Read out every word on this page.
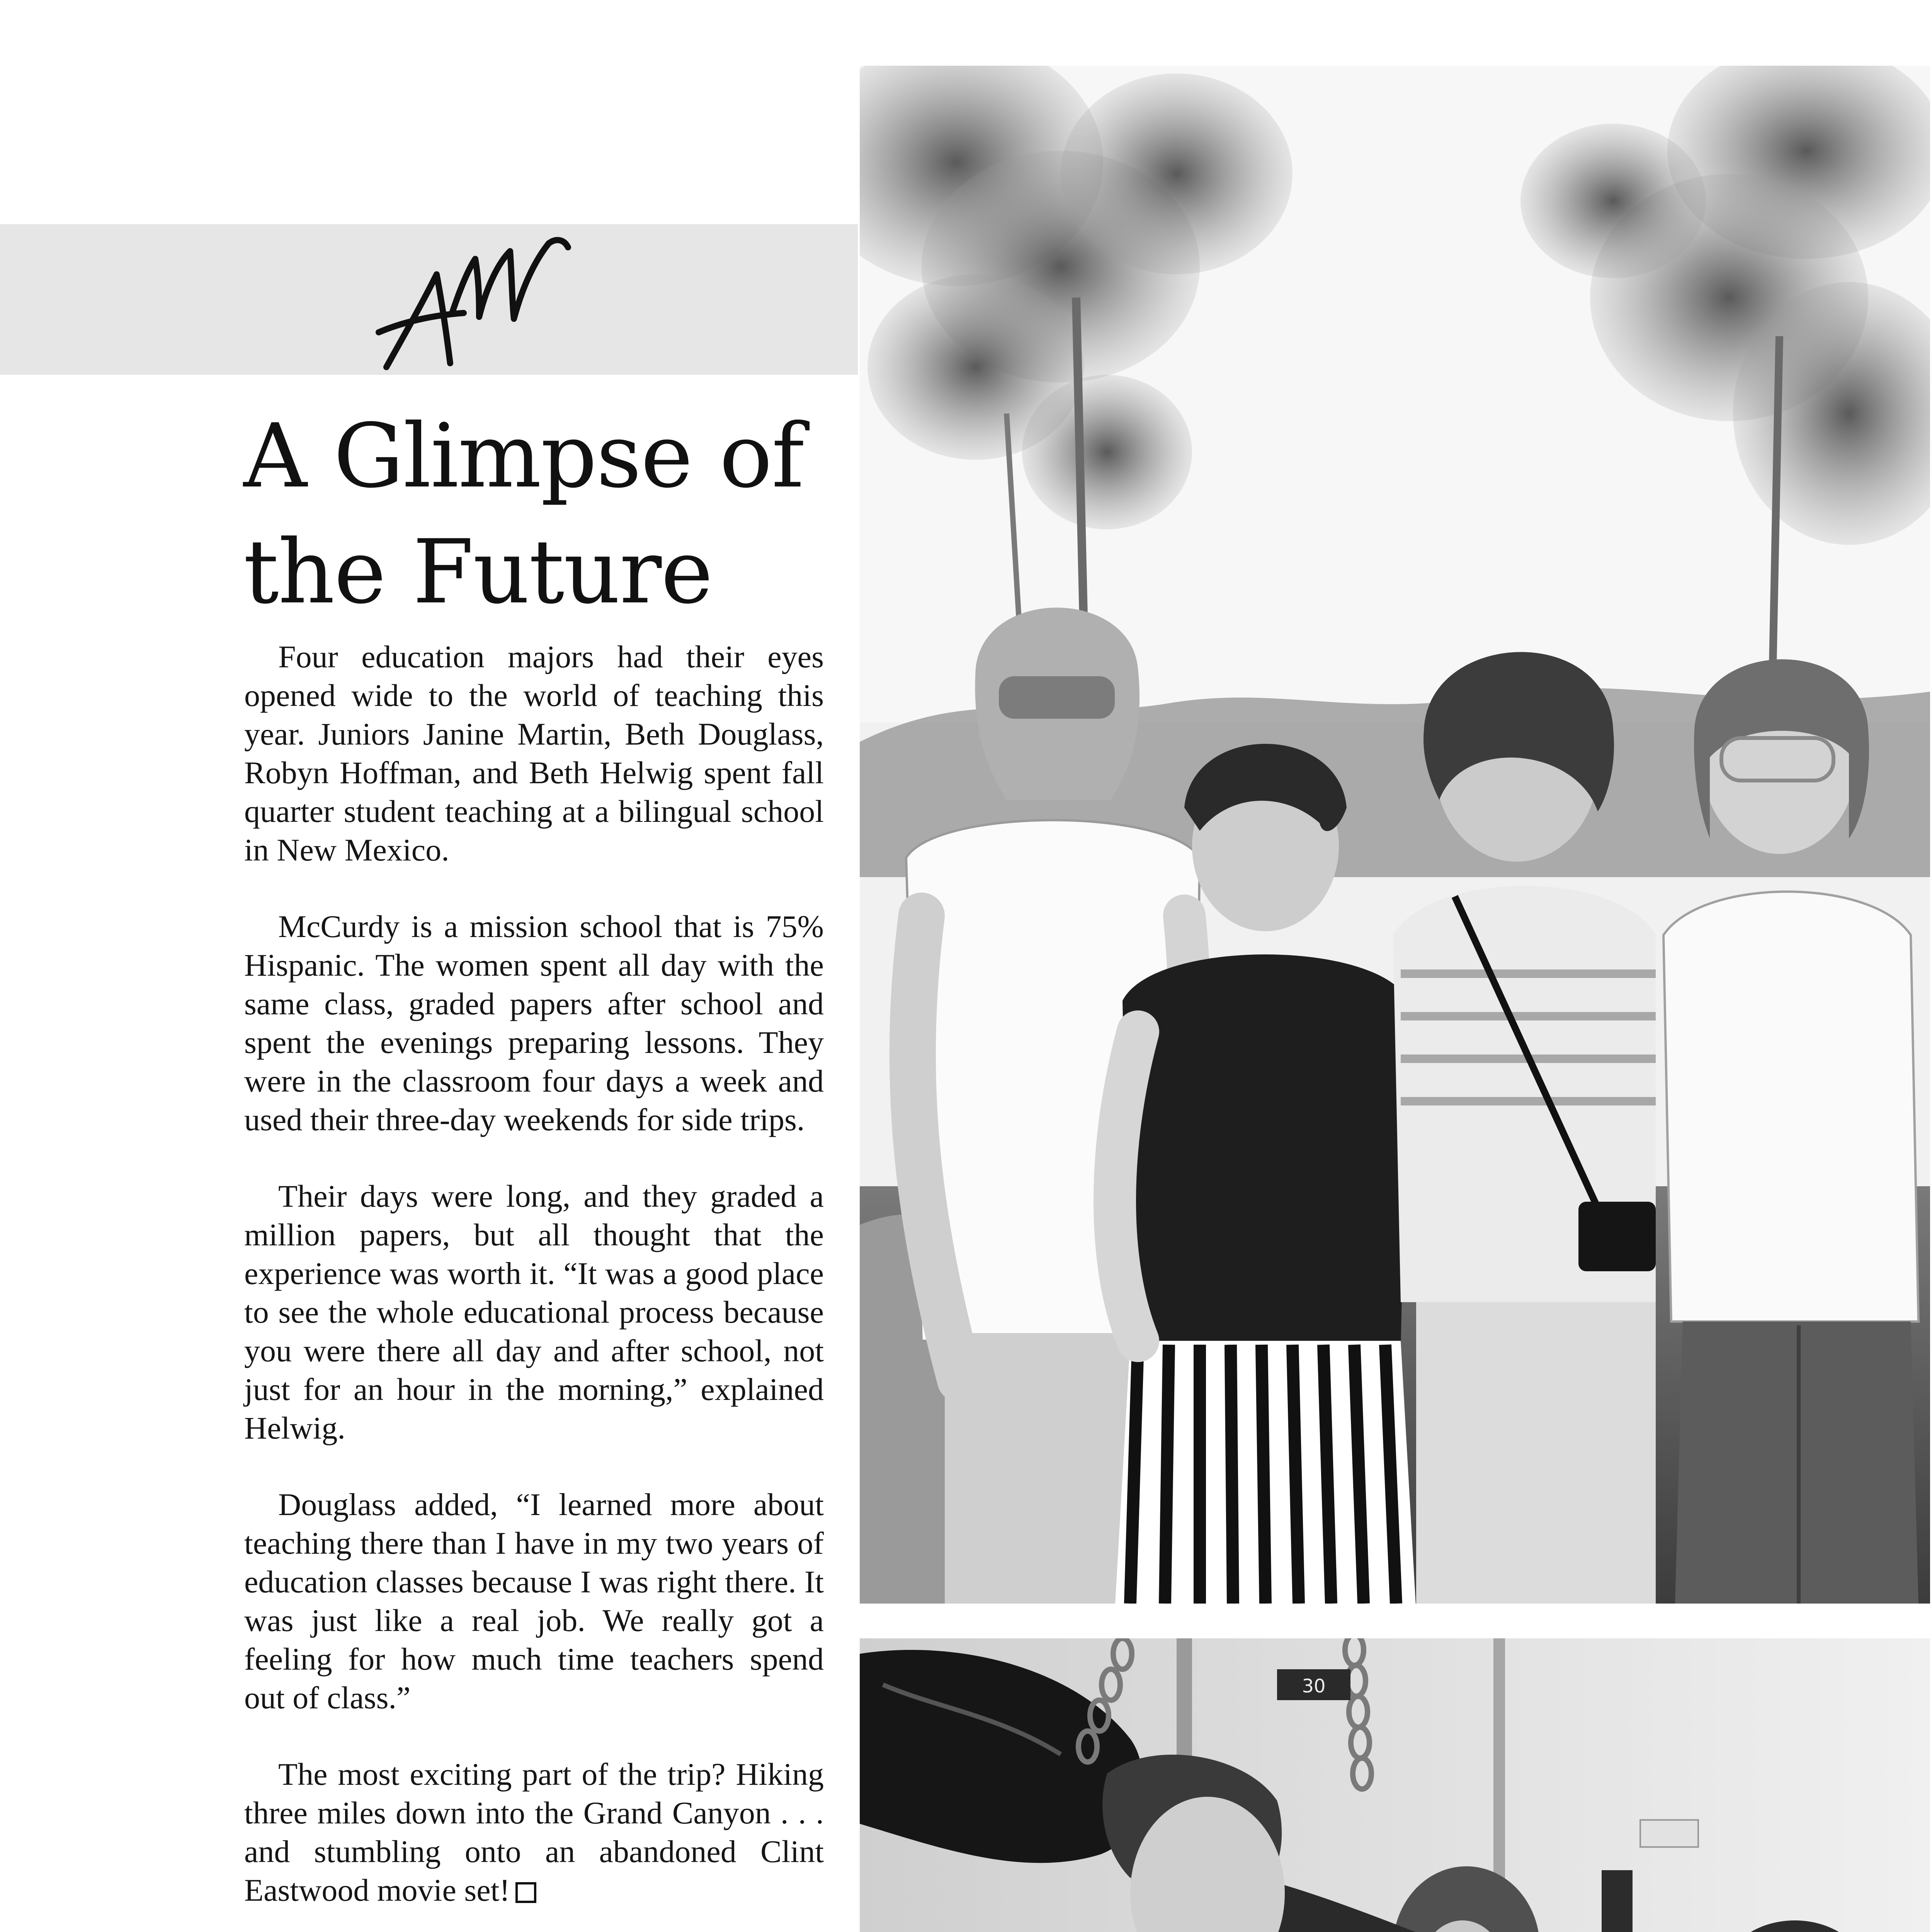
A Glimpse of
the Future

Four education majors had their eyes opened wide to the world of teaching this year. Juniors Janine Martin, Beth Douglass, Robyn Hoffman, and Beth Helwig spent fall quarter student teaching at a bilingual school in New Mexico.

McCurdy is a mission school that is 75% Hispanic. The women spent all day with the same class, graded papers after school and spent the evenings preparing lessons. They were in the classroom four days a week and used their three-day weekends for side trips.

Their days were long, and they graded a million papers, but all thought that the experience was worth it. “It was a good place to see the whole educational process because you were there all day and after school, not just for an hour in the morning,” explained Helwig.

Douglass added, “I learned more about teaching there than I have in my two years of education classes because I was right there. It was just like a real job. We really got a feeling for how much time teachers spend out of class.”

The most exciting part of the trip? Hiking three miles down into the Grand Canyon . . . and stumbling onto an abandoned Clint Eastwood movie set!

30
